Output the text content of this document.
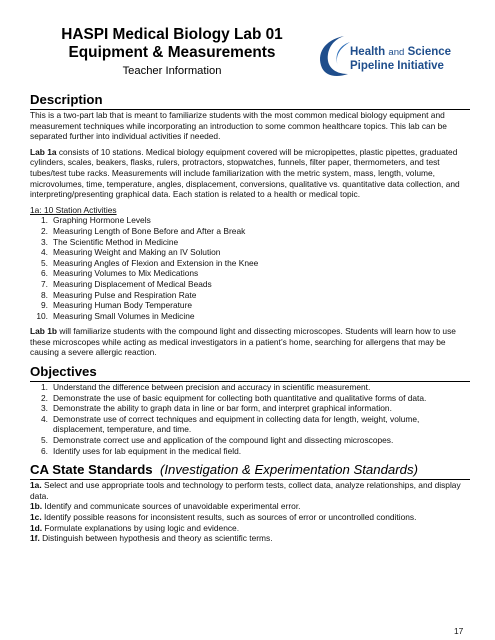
HASPI Medical Biology Lab 01
Equipment & Measurements
Teacher Information
Health and Science
Pipeline Initiative
Description

This is a two-part lab that is meant to familiarize students with the most common medical biology equipment and measurement techniques while incorporating an introduction to some common healthcare topics. This lab can be separated further into individual activities if needed.

Lab 1a consists of 10 stations. Medical biology equipment covered will be micropipettes, plastic pipettes, graduated cylinders, scales, beakers, flasks, rulers, protractors, stopwatches, funnels, filter paper, thermometers, and test tubes/test tube racks. Measurements will include familiarization with the metric system, mass, length, volume, microvolumes, time, temperature, angles, displacement, conversions, qualitative vs. quantitative data collection, and interpreting/presenting graphical data. Each station is related to a health or medical topic.

1a: 10 Station Activities

1. Graphing Hormone Levels
2. Measuring Length of Bone Before and After a Break
3. The Scientific Method in Medicine
4. Measuring Weight and Making an IV Solution
5. Measuring Angles of Flexion and Extension in the Knee
6. Measuring Volumes to Mix Medications
7. Measuring Displacement of Medical Beads
8. Measuring Pulse and Respiration Rate
9. Measuring Human Body Temperature
10. Measuring Small Volumes in Medicine

Lab 1b will familiarize students with the compound light and dissecting microscopes. Students will learn how to use these microscopes while acting as medical investigators in a patient’s home, searching for allergens that may be causing a severe allergic reaction.

Objectives
1. Understand the difference between precision and accuracy in scientific measurement.
2. Demonstrate the use of basic equipment for collecting both quantitative and qualitative forms of data.
3. Demonstrate the ability to graph data in line or bar form, and interpret graphical information.
4. Demonstrate use of correct techniques and equipment in collecting data for length, weight, volume, displacement, temperature, and time.
5. Demonstrate correct use and application of the compound light and dissecting microscopes.
6. Identify uses for lab equipment in the medical field.
CA State Standards (Investigation & Experimentation Standards)

1a. Select and use appropriate tools and technology to perform tests, collect data, analyze relationships, and display data.

1b. Identify and communicate sources of unavoidable experimental error.

1c. Identify possible reasons for inconsistent results, such as sources of error or uncontrolled conditions.

1d. Formulate explanations by using logic and evidence.

1f. Distinguish between hypothesis and theory as scientific terms.

17
